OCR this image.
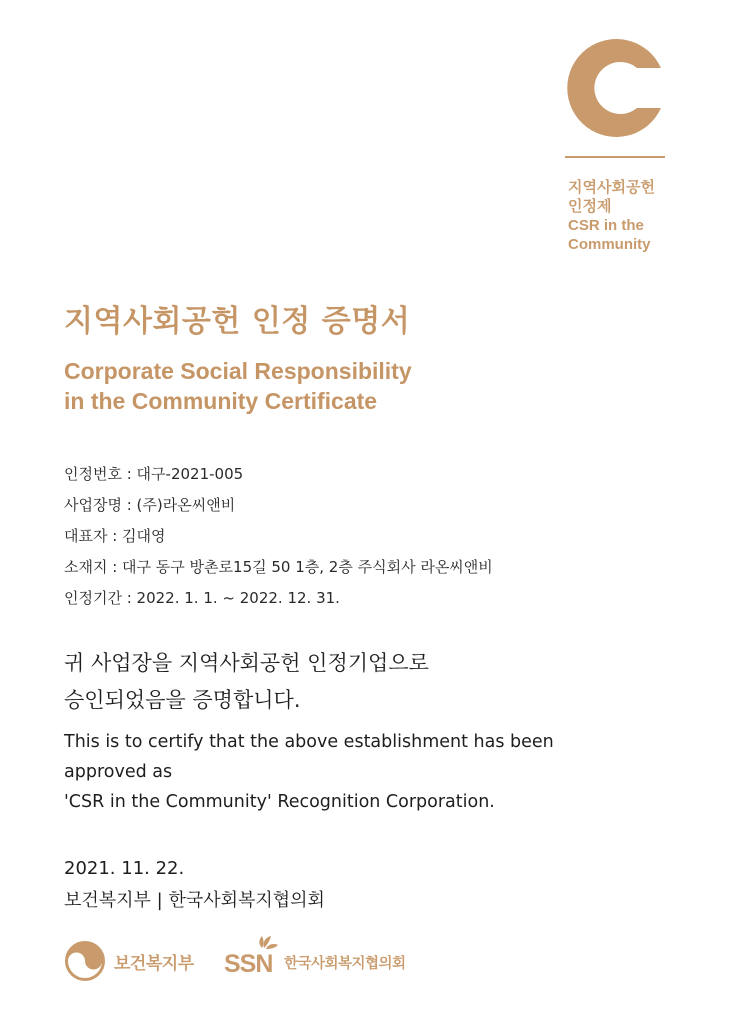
지역사회공헌
인정제
CSR in the
Community
지역사회공헌 인정 증명서
Corporate Social Responsibility
in the Community Certificate
인정번호 : 대구-2021-005
사업장명 : (주)라온씨앤비
대표자 : 김대영
소재지 : 대구 동구 방촌로15길 50 1층, 2층 주식회사 라온씨앤비
인정기간 : 2022. 1. 1. ~ 2022. 12. 31.
귀 사업장을 지역사회공헌 인정기업으로
승인되었음을 증명합니다.
This is to certify that the above establishment has been
approved as
'CSR in the Community' Recognition Corporation.
2021. 11. 22.
보건복지부 | 한국사회복지협의회
보건복지부 SSN 한국사회복지협의회
